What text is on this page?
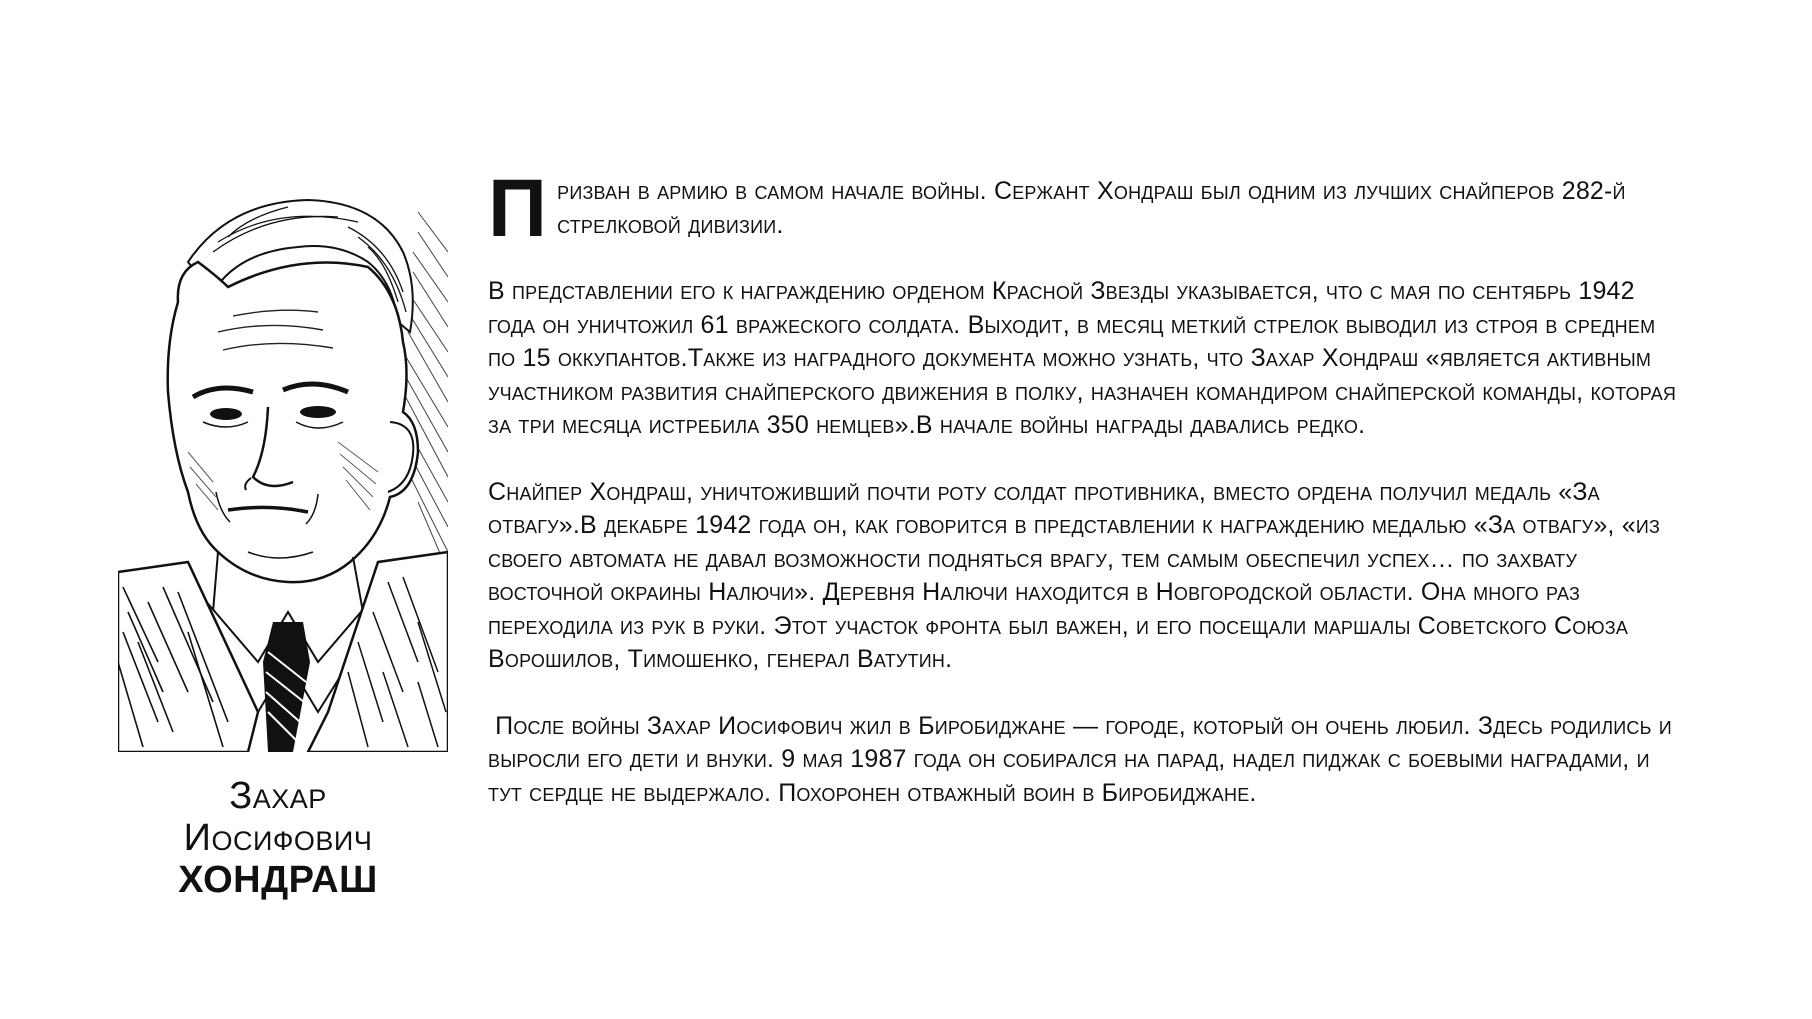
Захар
Иосифович
ХОНДРАШ

П ризван в армию в самом начале войны. Сержант Хондраш был одним из лучших снайперов 282-й стрелковой дивизии.

В представлении его к награждению орденом Красной Звезды указывается, что с мая по сентябрь 1942 года он уничтожил 61 вражеского солдата. Выходит, в месяц меткий стрелок выводил из строя в среднем по 15 оккупантов.Также из наградного документа можно узнать, что Захар Хондраш «является активным участником развития снайперского движения в полку, назначен командиром снайперской команды, которая за три месяца истребила 350 немцев».В начале войны награды давались редко.

Снайпер Хондраш, уничтоживший почти роту солдат противника, вместо ордена получил медаль «За отвагу».В декабре 1942 года он, как говорится в представлении к награждению медалью «За отвагу», «из своего автомата не давал возможности подняться врагу, тем самым обеспечил успех… по захвату восточной окраины Налючи». Деревня Налючи находится в Новгородской области. Она много раз переходила из рук в руки. Этот участок фронта был важен, и его посещали маршалы Советского Союза Ворошилов, Тимошенко, генерал Ватутин.

После войны Захар Иосифович жил в Биробиджане — городе, который он очень любил. Здесь родились и выросли его дети и внуки. 9 мая 1987 года он собирался на парад, надел пиджак с боевыми наградами, и тут сердце не выдержало. Похоронен отважный воин в Биробиджане.
